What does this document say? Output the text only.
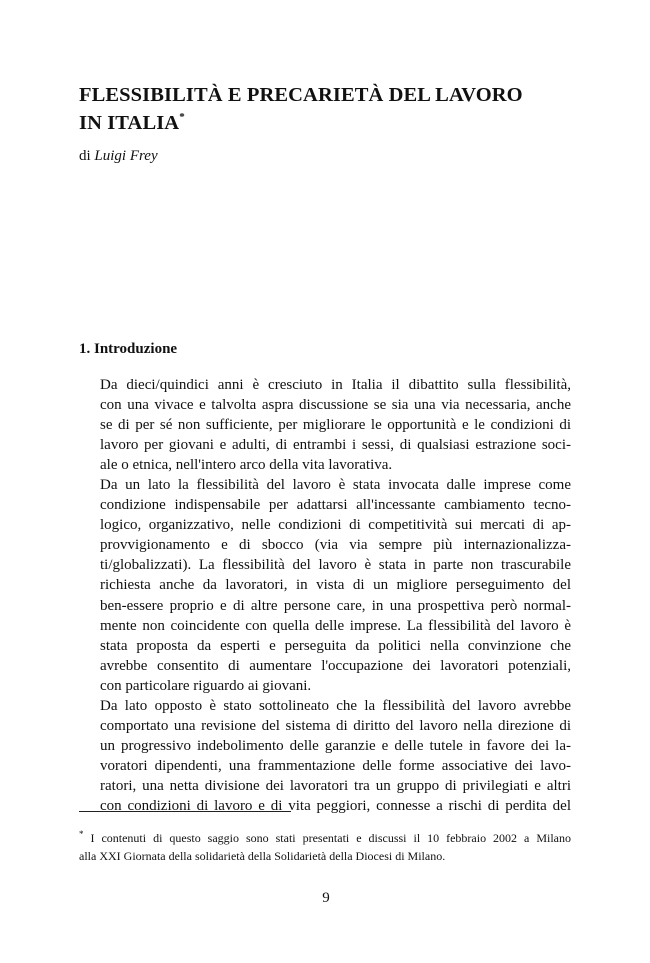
FLESSIBILITÀ E PRECARIETÀ DEL LAVORO
IN ITALIA*
di Luigi Frey
1. Introduzione

Da dieci/quindici anni è cresciuto in Italia il dibattito sulla flessibilità,
con una vivace e talvolta aspra discussione se sia una via necessaria, anche
se di per sé non sufficiente, per migliorare le opportunità e le condizioni di
lavoro per giovani e adulti, di entrambi i sessi, di qualsiasi estrazione soci-
ale o etnica, nell'intero arco della vita lavorativa.

Da un lato la flessibilità del lavoro è stata invocata dalle imprese come
condizione indispensabile per adattarsi all'incessante cambiamento tecno-
logico, organizzativo, nelle condizioni di competitività sui mercati di ap-
provvigionamento e di sbocco (via via sempre più internazionalizza-
ti/globalizzati). La flessibilità del lavoro è stata in parte non trascurabile
richiesta anche da lavoratori, in vista di un migliore perseguimento del
ben-essere proprio e di altre persone care, in una prospettiva però normal-
mente non coincidente con quella delle imprese. La flessibilità del lavoro è
stata proposta da esperti e perseguita da politici nella convinzione che
avrebbe consentito di aumentare l'occupazione dei lavoratori potenziali,
con particolare riguardo ai giovani.

Da lato opposto è stato sottolineato che la flessibilità del lavoro avrebbe
comportato una revisione del sistema di diritto del lavoro nella direzione di
un progressivo indebolimento delle garanzie e delle tutele in favore dei la-
voratori dipendenti, una frammentazione delle forme associative dei lavo-
ratori, una netta divisione dei lavoratori tra un gruppo di privilegiati e altri
con condizioni di lavoro e di vita peggiori, connesse a rischi di perdita del

* I contenuti di questo saggio sono stati presentati e discussi il 10 febbraio 2002 a Milano
alla XXI Giornata della solidarietà della Solidarietà della Diocesi di Milano.
9
